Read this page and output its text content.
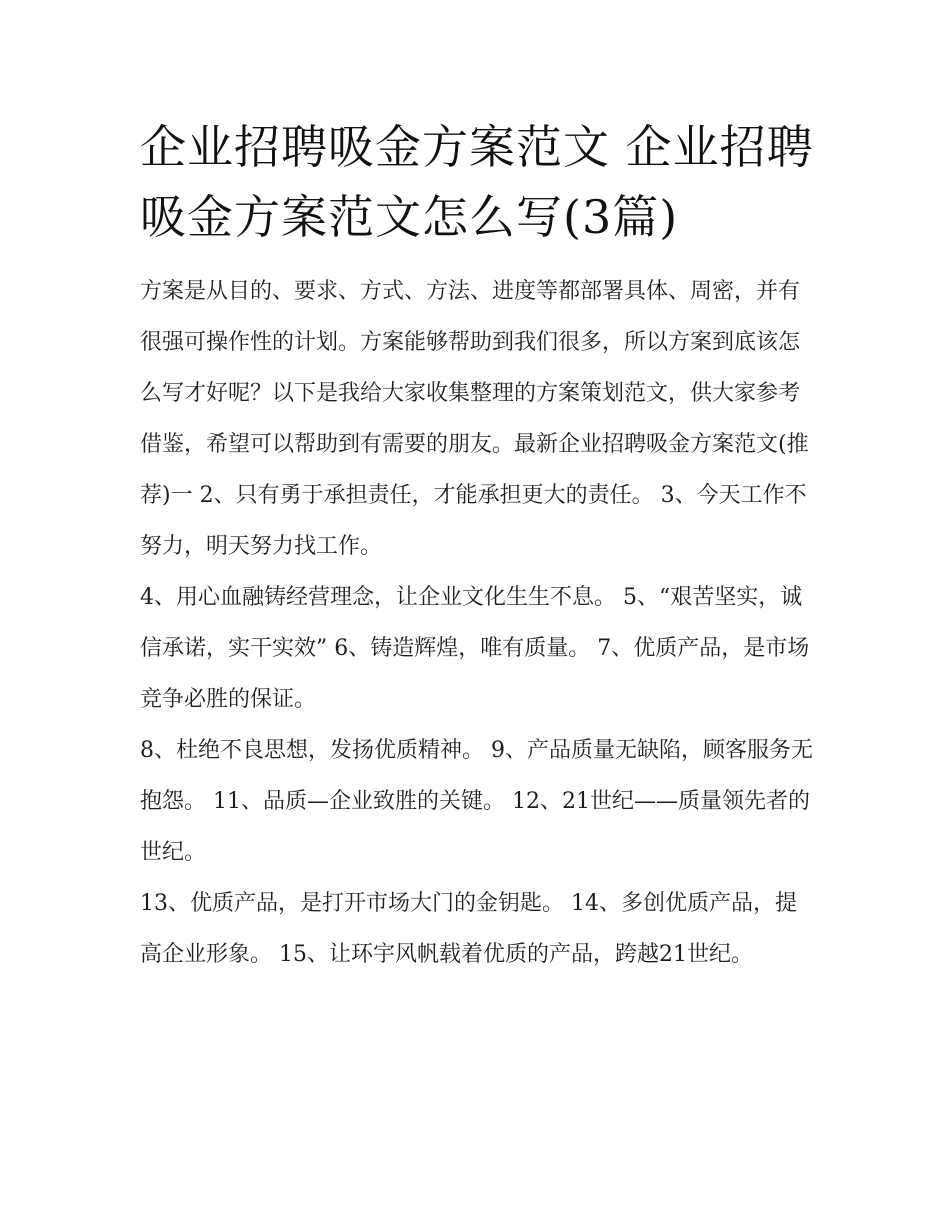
企业招聘吸金方案范文 企业招聘吸金方案范文怎么写(3篇)

方案是从目的、要求、方式、方法、进度等都部署具体、周密，并有很强可操作性的计划。方案能够帮助到我们很多，所以方案到底该怎么写才好呢？以下是我给大家收集整理的方案策划范文，供大家参考借鉴，希望可以帮助到有需要的朋友。最新企业招聘吸金方案范文(推荐)一 2、只有勇于承担责任，才能承担更大的责任。 3、今天工作不努力，明天努力找工作。

4、用心血融铸经营理念，让企业文化生生不息。 5、“艰苦坚实，诚信承诺，实干实效” 6、铸造辉煌，唯有质量。 7、优质产品，是市场竞争必胜的保证。

8、杜绝不良思想，发扬优质精神。 9、产品质量无缺陷，顾客服务无抱怨。 11、品质—企业致胜的关键。 12、21世纪——质量领先者的世纪。

13、优质产品，是打开市场大门的金钥匙。 14、多创优质产品，提高企业形象。 15、让环宇风帆载着优质的产品，跨越21世纪。
